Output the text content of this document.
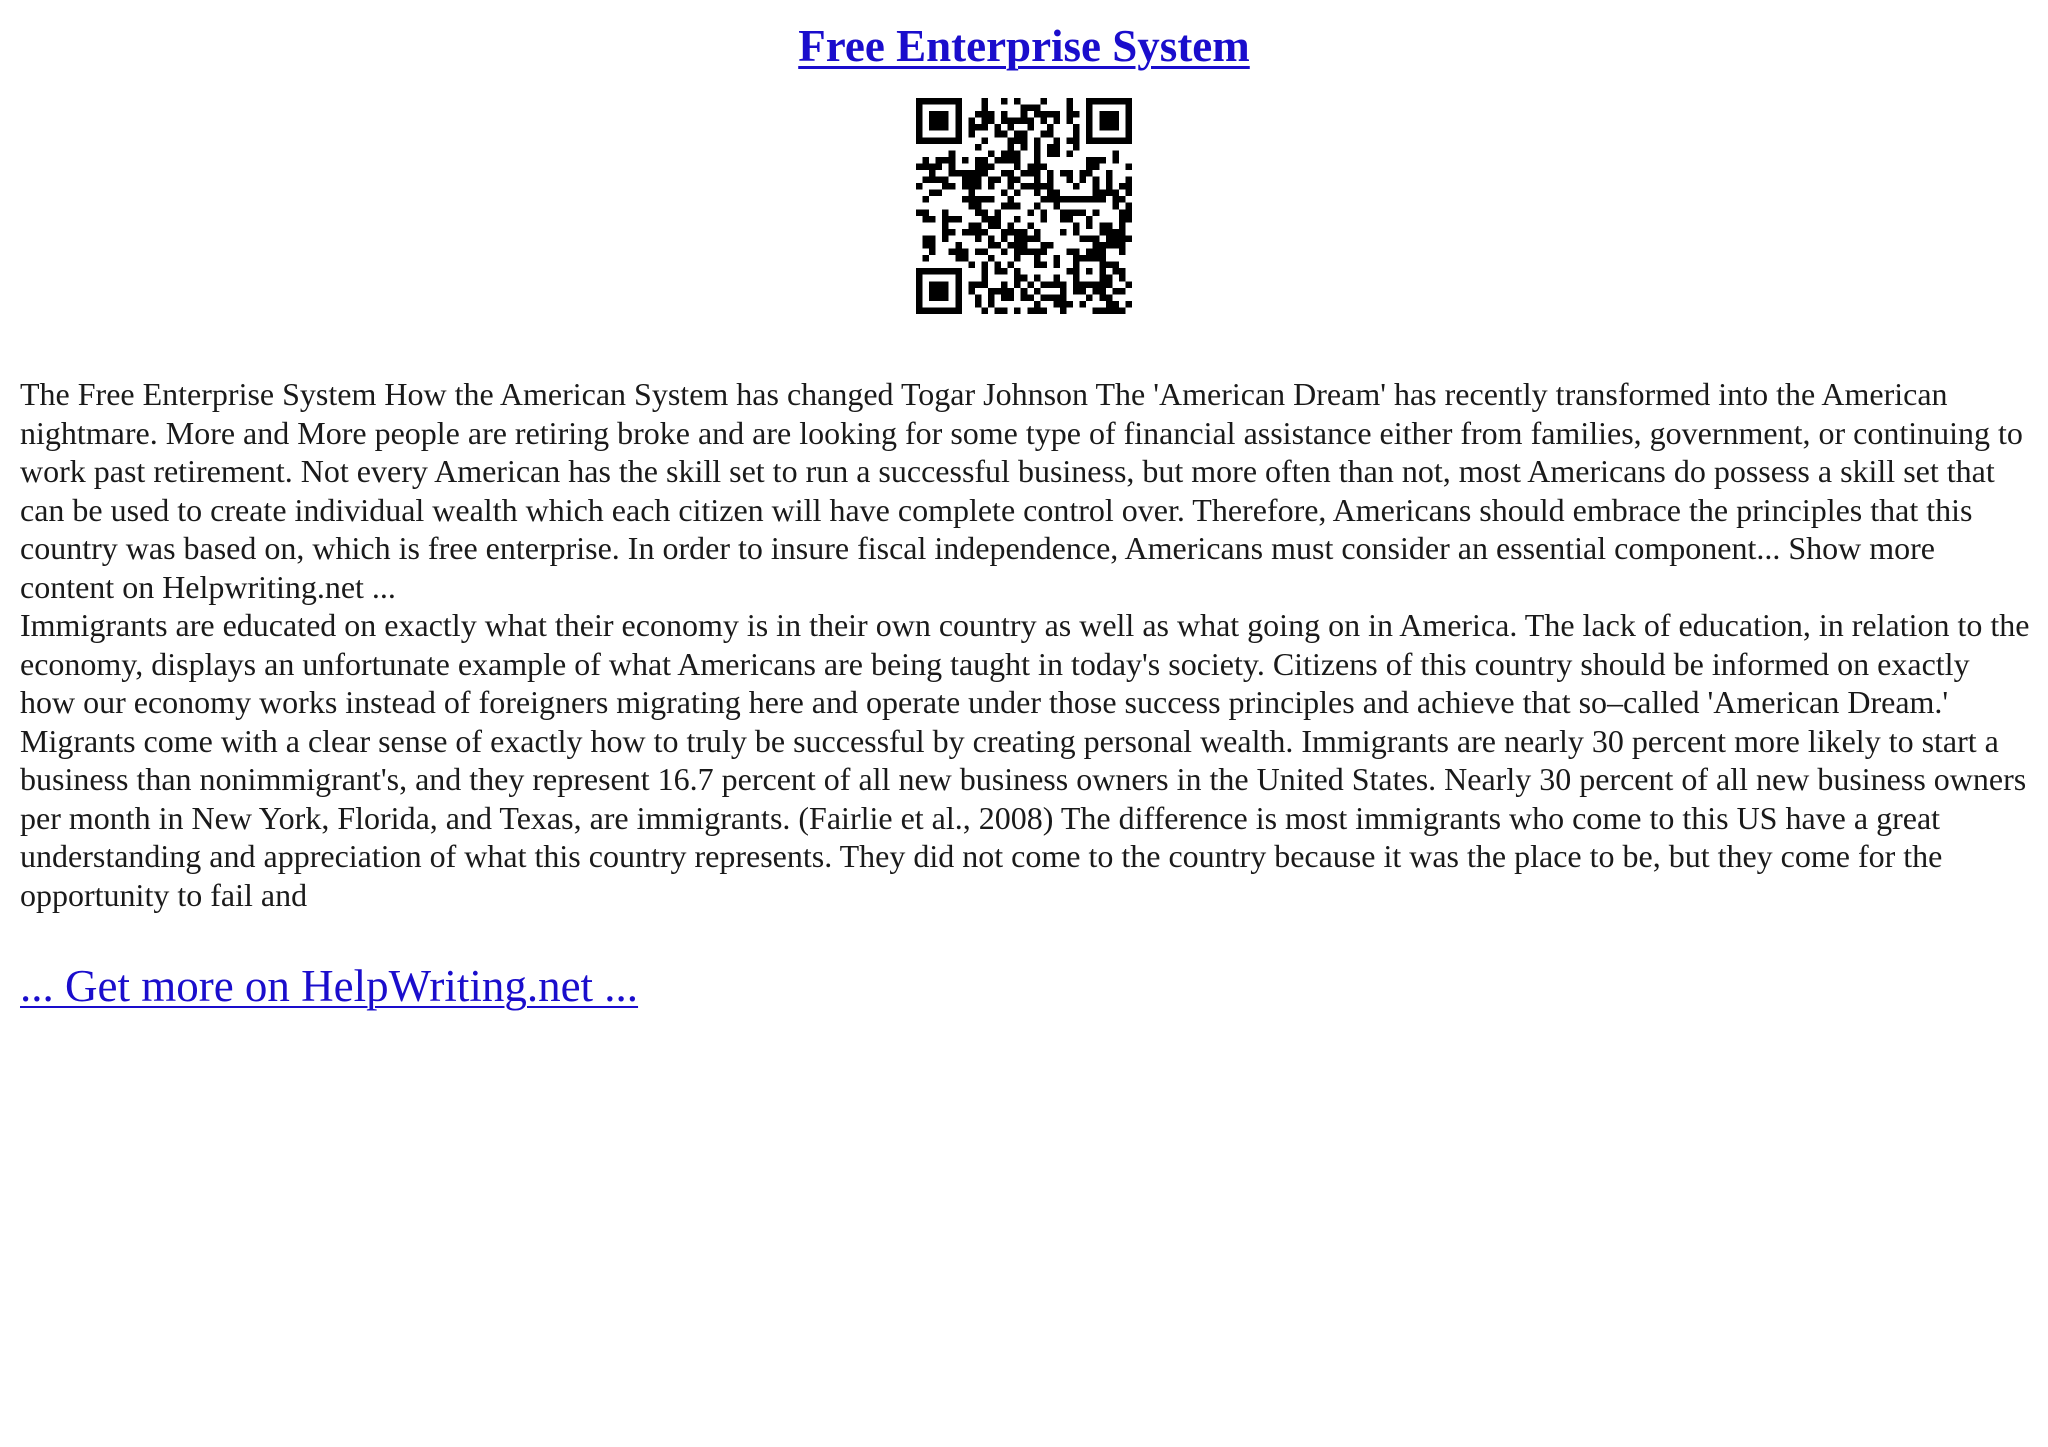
Free Enterprise System

The Free Enterprise System How the American System has changed Togar Johnson The 'American Dream' has recently transformed into the American nightmare. More and More people are retiring broke and are looking for some type of financial assistance either from families, government, or continuing to work past retirement. Not every American has the skill set to run a successful business, but more often than not, most Americans do possess a skill set that can be used to create individual wealth which each citizen will have complete control over. Therefore, Americans should embrace the principles that this country was based on, which is free enterprise. In order to insure fiscal independence, Americans must consider an essential component... Show more content on Helpwriting.net ...

Immigrants are educated on exactly what their economy is in their own country as well as what going on in America. The lack of education, in relation to the economy, displays an unfortunate example of what Americans are being taught in today's society. Citizens of this country should be informed on exactly how our economy works instead of foreigners migrating here and operate under those success principles and achieve that so–called 'American Dream.' Migrants come with a clear sense of exactly how to truly be successful by creating personal wealth. Immigrants are nearly 30 percent more likely to start a business than nonimmigrant's, and they represent 16.7 percent of all new business owners in the United States. Nearly 30 percent of all new business owners per month in New York, Florida, and Texas, are immigrants. (Fairlie et al., 2008) The difference is most immigrants who come to this US have a great understanding and appreciation of what this country represents. They did not come to the country because it was the place to be, but they come for the opportunity to fail and

... Get more on HelpWriting.net ...
